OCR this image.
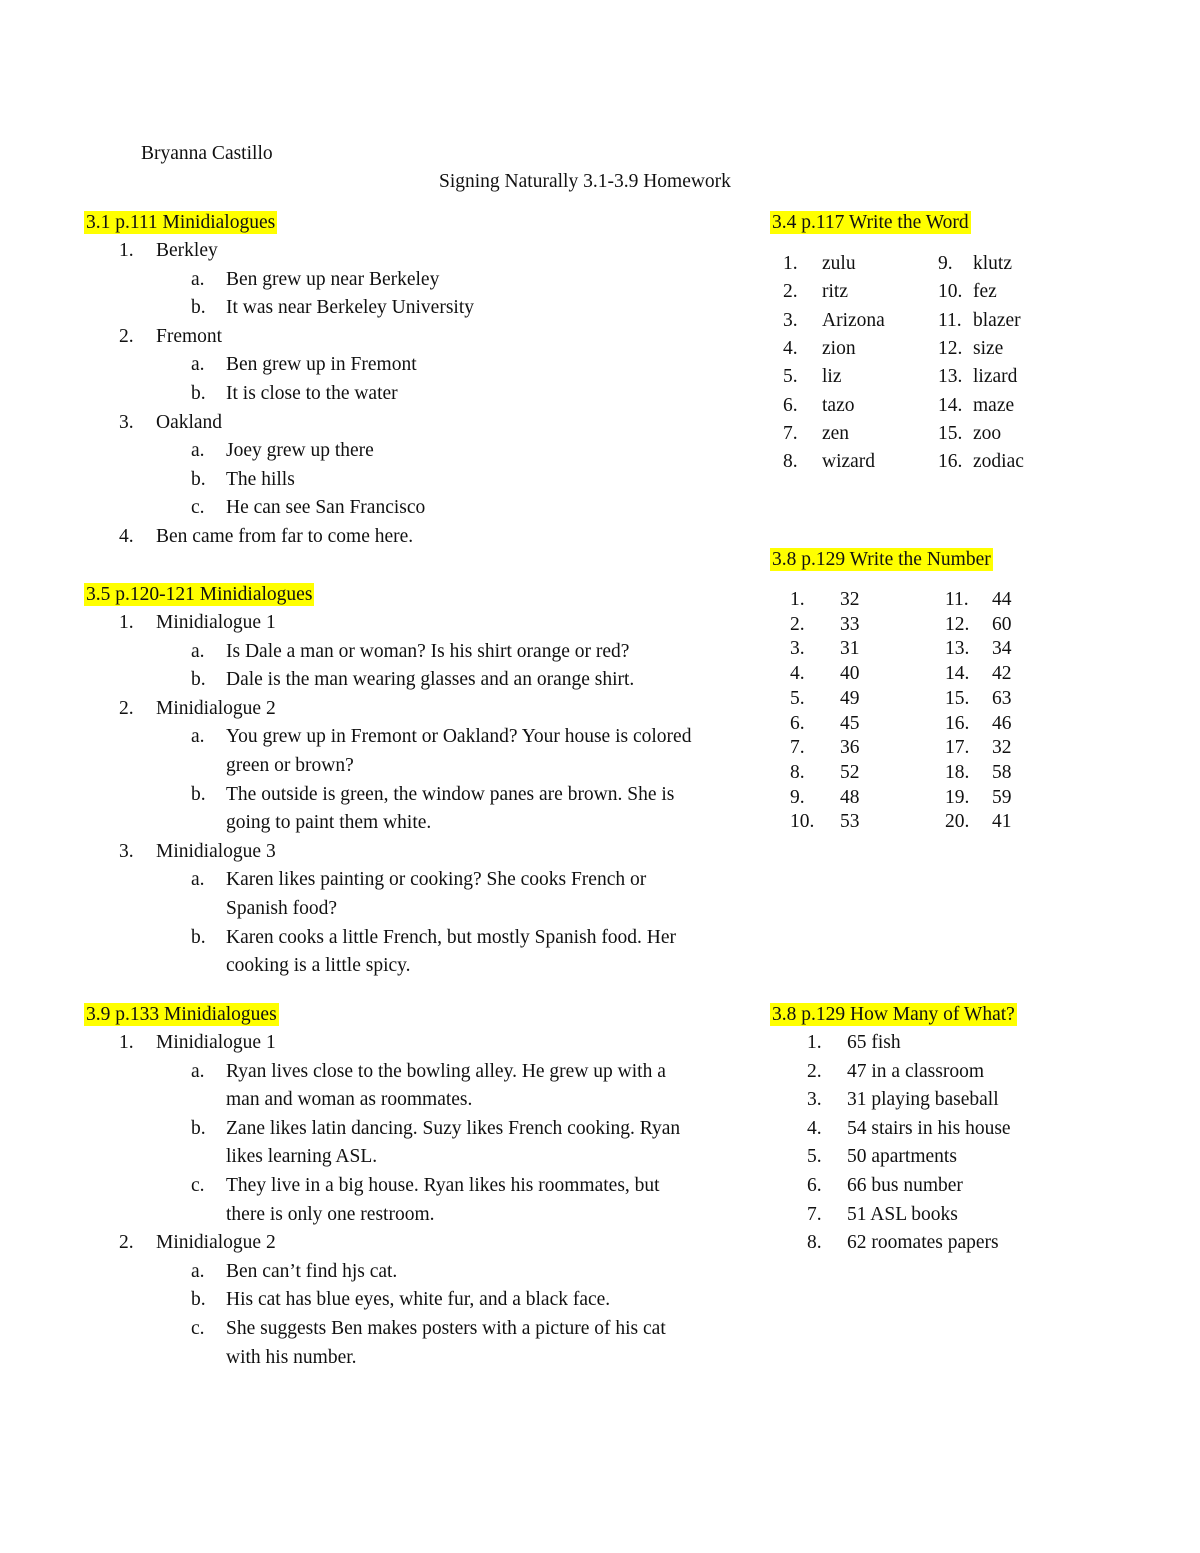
Bryanna Castillo
Signing Naturally 3.1-3.9 Homework
3.1 p.111 Minidialogues
1. Berkley
a. Ben grew up near Berkeley
b. It was near Berkeley University
2. Fremont
a. Ben grew up in Fremont
b. It is close to the water
3. Oakland
a. Joey grew up there
b. The hills
c. He can see San Francisco
4. Ben came from far to come here.
3.5 p.120-121 Minidialogues
1. Minidialogue 1
a. Is Dale a man or woman? Is his shirt orange or red?
b. Dale is the man wearing glasses and an orange shirt.
2. Minidialogue 2
a. You grew up in Fremont or Oakland? Your house is colored
green or brown?
b. The outside is green, the window panes are brown. She is
going to paint them white.
3. Minidialogue 3
a. Karen likes painting or cooking? She cooks French or
Spanish food?
b. Karen cooks a little French, but mostly Spanish food. Her
cooking is a little spicy.
3.9 p.133 Minidialogues
1. Minidialogue 1
a. Ryan lives close to the bowling alley. He grew up with a
man and woman as roommates.
b. Zane likes latin dancing. Suzy likes French cooking. Ryan
likes learning ASL.
c. They live in a big house. Ryan likes his roommates, but
there is only one restroom.
2. Minidialogue 2
a. Ben can’t find hjs cat.
b. His cat has blue eyes, white fur, and a black face.
c. She suggests Ben makes posters with a picture of his cat
with his number.
3.4 p.117 Write the Word
1. zulu
2. ritz
3. Arizona
4. zion
5. liz
6. tazo
7. zen
8. wizard
9. klutz
10. fez
11. blazer
12. size
13. lizard
14. maze
15. zoo
16. zodiac
3.8 p.129 Write the Number
1. 32
2. 33
3. 31
4. 40
5. 49
6. 45
7. 36
8. 52
9. 48
10. 53
11. 44
12. 60
13. 34
14. 42
15. 63
16. 46
17. 32
18. 58
19. 59
20. 41
3.8 p.129 How Many of What?
1. 65 fish
2. 47 in a classroom
3. 31 playing baseball
4. 54 stairs in his house
5. 50 apartments
6. 66 bus number
7. 51 ASL books
8. 62 roomates papers
